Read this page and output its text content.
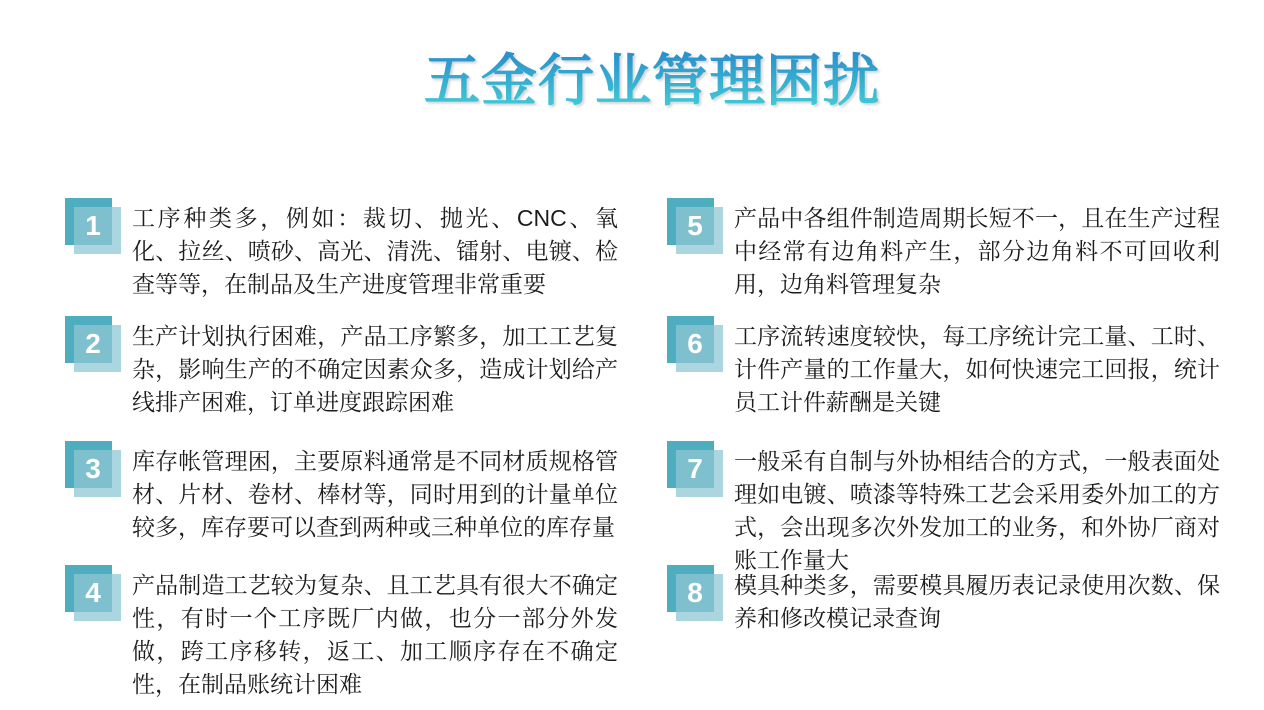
五金行业管理困扰
1	工序种类多，例如：裁切、抛光、CNC、氧化、拉丝、喷砂、高光、清洗、镭射、电镀、检查等等，在制品及生产进度管理非常重要

2	生产计划执行困难，产品工序繁多，加工工艺复杂，影响生产的不确定因素众多，造成计划给产线排产困难，订单进度跟踪困难

3	库存帐管理困，主要原料通常是不同材质规格管材、片材、卷材、棒材等，同时用到的计量单位较多，库存要可以查到两种或三种单位的库存量

4	产品制造工艺较为复杂、且工艺具有很大不确定性，有时一个工序既厂内做，也分一部分外发做，跨工序移转，返工、加工顺序存在不确定性，在制品账统计困难

5	产品中各组件制造周期长短不一，且在生产过程中经常有边角料产生，部分边角料不可回收利用，边角料管理复杂

6	工序流转速度较快，每工序统计完工量、工时、计件产量的工作量大，如何快速完工回报，统计员工计件薪酬是关键

7	一般采有自制与外协相结合的方式，一般表面处理如电镀、喷漆等特殊工艺会采用委外加工的方式，会出现多次外发加工的业务，和外协厂商对账工作量大

8	模具种类多，需要模具履历表记录使用次数、保养和修改模记录查询
